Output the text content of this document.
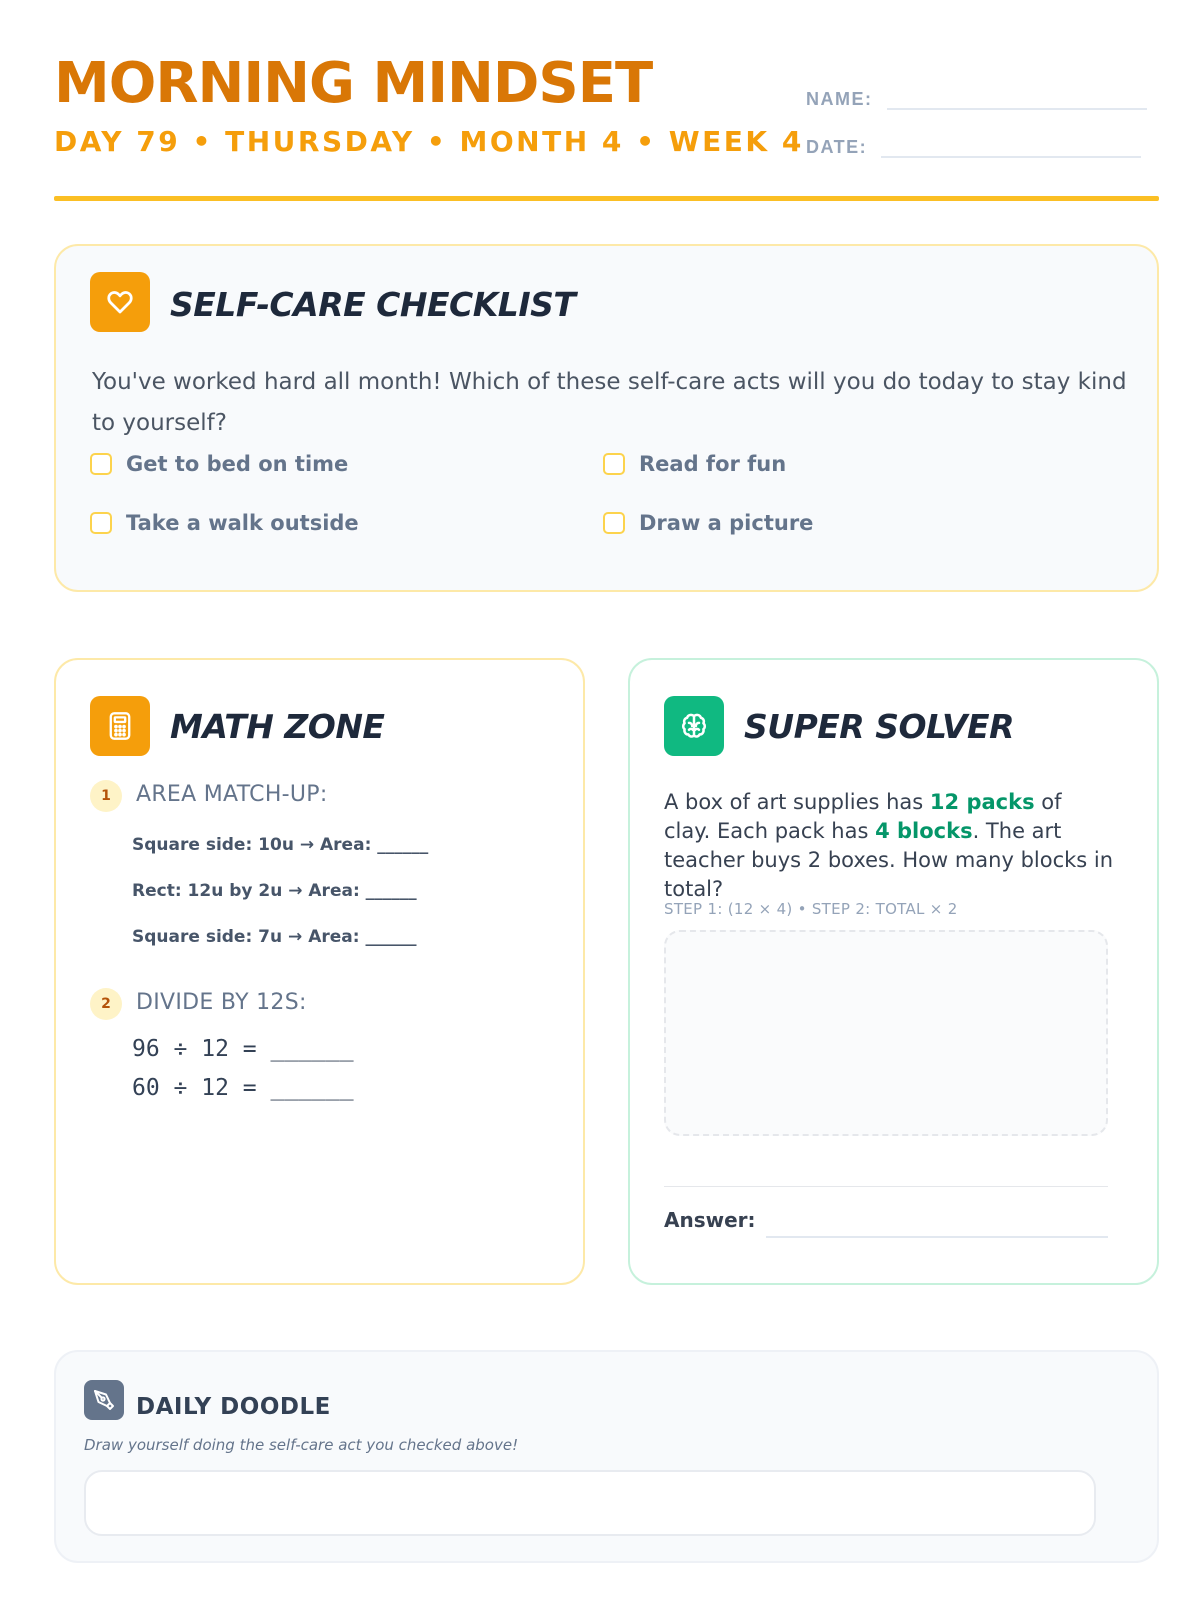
MORNING MINDSET
DAY 79 • THURSDAY • MONTH 4 • WEEK 4
NAME:
DATE:
SELF-CARE CHECKLIST
You've worked hard all month! Which of these self-care acts will you do today to stay kind to yourself?
Get to bed on time	Read for fun
Take a walk outside	Draw a picture
MATH ZONE
1	AREA MATCH-UP:
Square side: 10u → Area: ______
Rect: 12u by 2u → Area: ______
Square side: 7u → Area: ______
2	DIVIDE BY 12S:
96 ÷ 12 = ______
60 ÷ 12 = ______
SUPER SOLVER
A box of art supplies has 12 packs of clay. Each pack has 4 blocks. The art teacher buys 2 boxes. How many blocks in total?
STEP 1: (12 × 4) • STEP 2: TOTAL × 2
Answer:
DAILY DOODLE
Draw yourself doing the self-care act you checked above!
